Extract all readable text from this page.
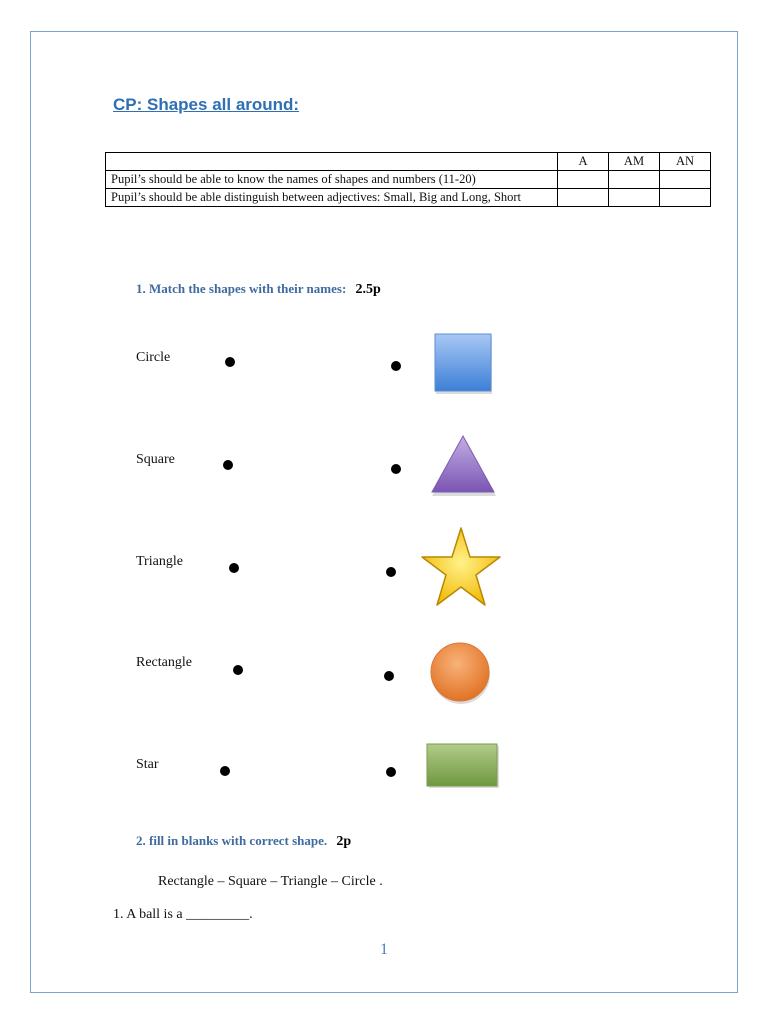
CP: Shapes all around:
	A	AM	AN
Pupil’s should be able to know the names of shapes and numbers (11-20)			
Pupil’s should be able distinguish between adjectives: Small, Big and Long, Short			
1. Match the shapes with their names: 2.5p
Circle
Square
Triangle
Rectangle
Star
2. fill in blanks with correct shape. 2p
Rectangle – Square – Triangle – Circle .
1. A ball is a _________.
1
